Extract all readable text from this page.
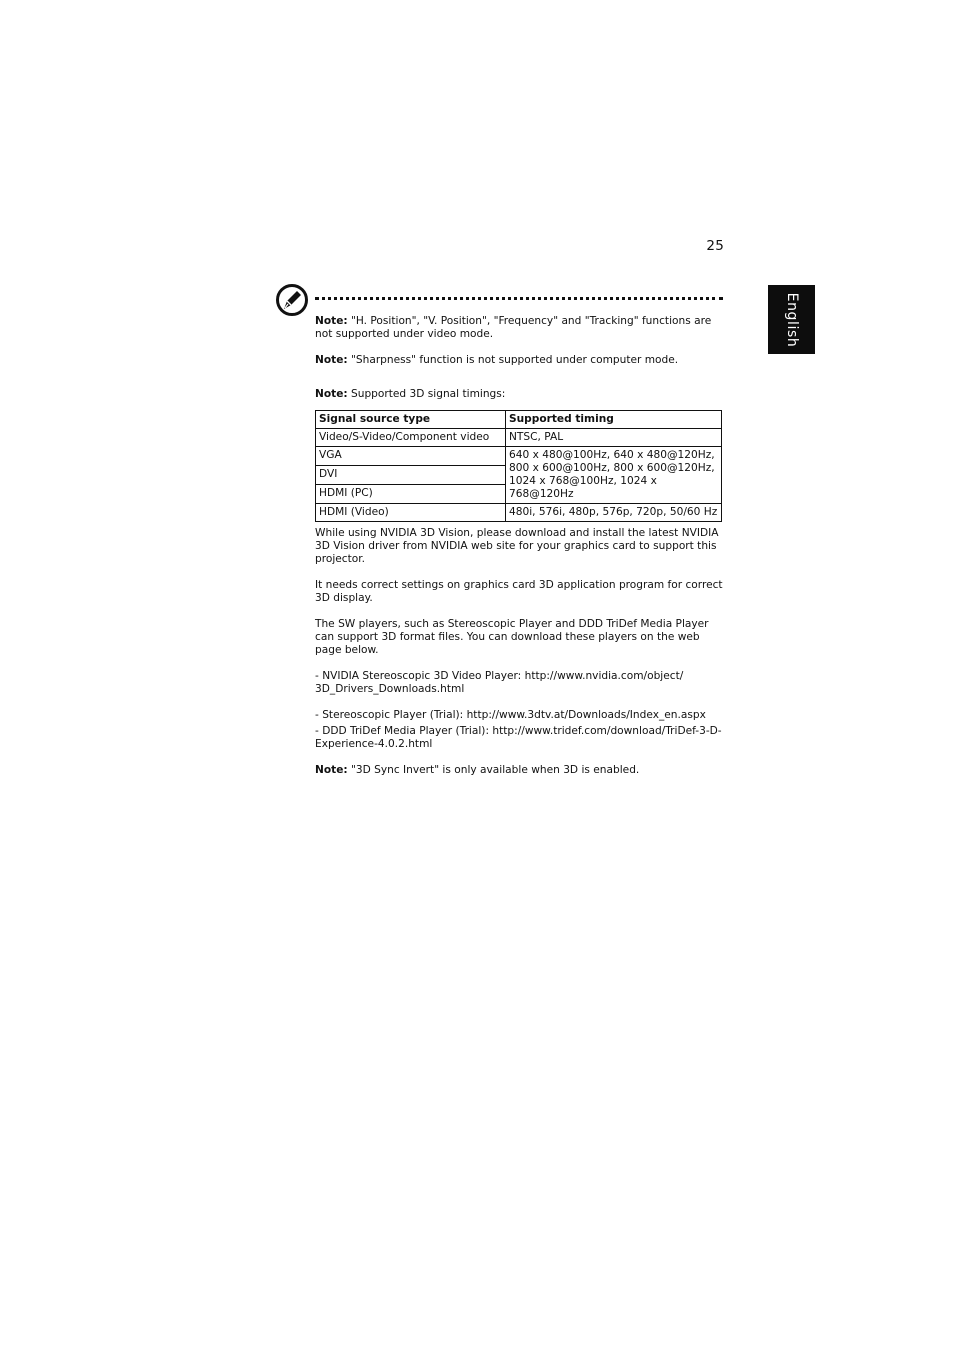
25
English

Note: "H. Position", "V. Position", "Frequency" and "Tracking" functions are not supported under video mode.

Note: "Sharpness" function is not supported under computer mode.

Note: Supported 3D signal timings:

Signal source type	Supported timing
Video/S-Video/Component video	NTSC, PAL
VGA	640 x 480@100Hz, 640 x 480@120Hz, 800 x 600@100Hz, 800 x 600@120Hz, 1024 x 768@100Hz, 1024 x 768@120Hz
DVI	
HDMI (PC)	
HDMI (Video)	480i, 576i, 480p, 576p, 720p, 50/60 Hz

While using NVIDIA 3D Vision, please download and install the latest NVIDIA 3D Vision driver from NVIDIA web site for your graphics card to support this projector.

It needs correct settings on graphics card 3D application program for correct 3D display.

The SW players, such as Stereoscopic Player and DDD TriDef Media Player can support 3D format files. You can download these players on the web page below.

- NVIDIA Stereoscopic 3D Video Player: http://www.nvidia.com/object/ 3D_Drivers_Downloads.html

- Stereoscopic Player (Trial): http://www.3dtv.at/Downloads/Index_en.aspx

- DDD TriDef Media Player (Trial): http://www.tridef.com/download/TriDef-3-D-Experience-4.0.2.html

Note: "3D Sync Invert" is only available when 3D is enabled.
